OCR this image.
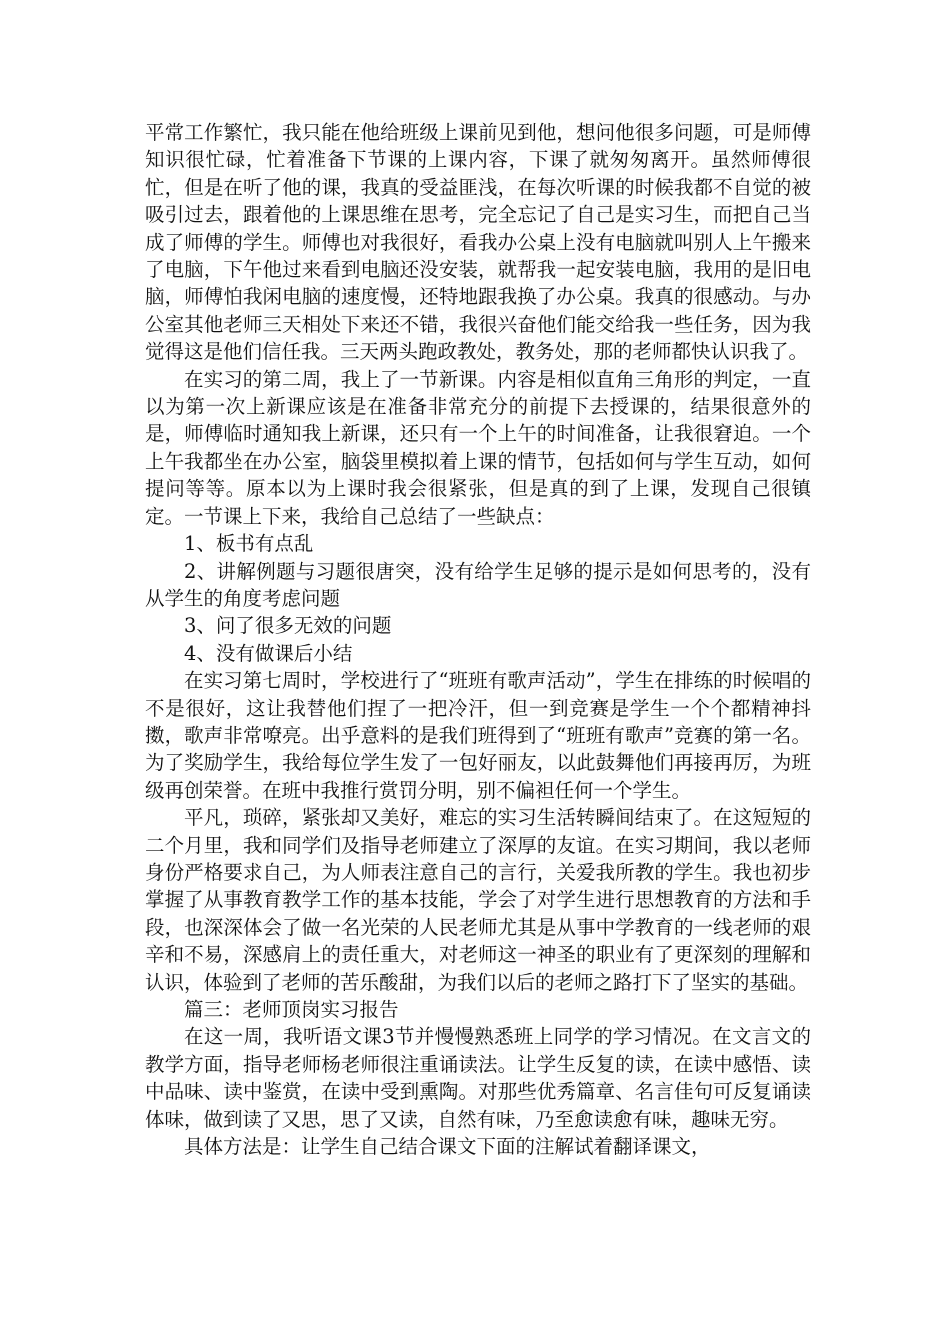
平常工作繁忙，我只能在他给班级上课前见到他，想问他很多问题，可是师傅知识很忙碌，忙着准备下节课的上课内容，下课了就匆匆离开。虽然师傅很忙，但是在听了他的课，我真的受益匪浅，在每次听课的时候我都不自觉的被吸引过去，跟着他的上课思维在思考，完全忘记了自己是实习生，而把自己当成了师傅的学生。师傅也对我很好，看我办公桌上没有电脑就叫别人上午搬来了电脑，下午他过来看到电脑还没安装，就帮我一起安装电脑，我用的是旧电脑，师傅怕我闲电脑的速度慢，还特地跟我换了办公桌。我真的很感动。与办公室其他老师三天相处下来还不错，我很兴奋他们能交给我一些任务，因为我觉得这是他们信任我。三天两头跑政教处，教务处，那的老师都快认识我了。

在实习的第二周，我上了一节新课。内容是相似直角三角形的判定，一直以为第一次上新课应该是在准备非常充分的前提下去授课的，结果很意外的是，师傅临时通知我上新课，还只有一个上午的时间准备，让我很窘迫。一个上午我都坐在办公室，脑袋里模拟着上课的情节，包括如何与学生互动，如何提问等等。原本以为上课时我会很紧张，但是真的到了上课，发现自己很镇定。一节课上下来，我给自己总结了一些缺点：

1、板书有点乱

2、讲解例题与习题很唐突，没有给学生足够的提示是如何思考的，没有从学生的角度考虑问题

3、问了很多无效的问题

4、没有做课后小结

在实习第七周时，学校进行了“班班有歌声活动”，学生在排练的时候唱的不是很好，这让我替他们捏了一把冷汗，但一到竞赛是学生一个个都精神抖擞，歌声非常嘹亮。出乎意料的是我们班得到了“班班有歌声”竞赛的第一名。为了奖励学生，我给每位学生发了一包好丽友，以此鼓舞他们再接再厉，为班级再创荣誉。在班中我推行赏罚分明，别不偏袒任何一个学生。

平凡，琐碎，紧张却又美好，难忘的实习生活转瞬间结束了。在这短短的二个月里，我和同学们及指导老师建立了深厚的友谊。在实习期间，我以老师身份严格要求自己，为人师表注意自己的言行，关爱我所教的学生。我也初步掌握了从事教育教学工作的基本技能，学会了对学生进行思想教育的方法和手段，也深深体会了做一名光荣的人民老师尤其是从事中学教育的一线老师的艰辛和不易，深感肩上的责任重大，对老师这一神圣的职业有了更深刻的理解和认识，体验到了老师的苦乐酸甜，为我们以后的老师之路打下了坚实的基础。

篇三：老师顶岗实习报告

在这一周，我听语文课3节并慢慢熟悉班上同学的学习情况。在文言文的教学方面，指导老师杨老师很注重诵读法。让学生反复的读，在读中感悟、读中品味、读中鉴赏，在读中受到熏陶。对那些优秀篇章、名言佳句可反复诵读体味，做到读了又思，思了又读，自然有味，乃至愈读愈有味，趣味无穷。

具体方法是：让学生自己结合课文下面的注解试着翻译课文，
